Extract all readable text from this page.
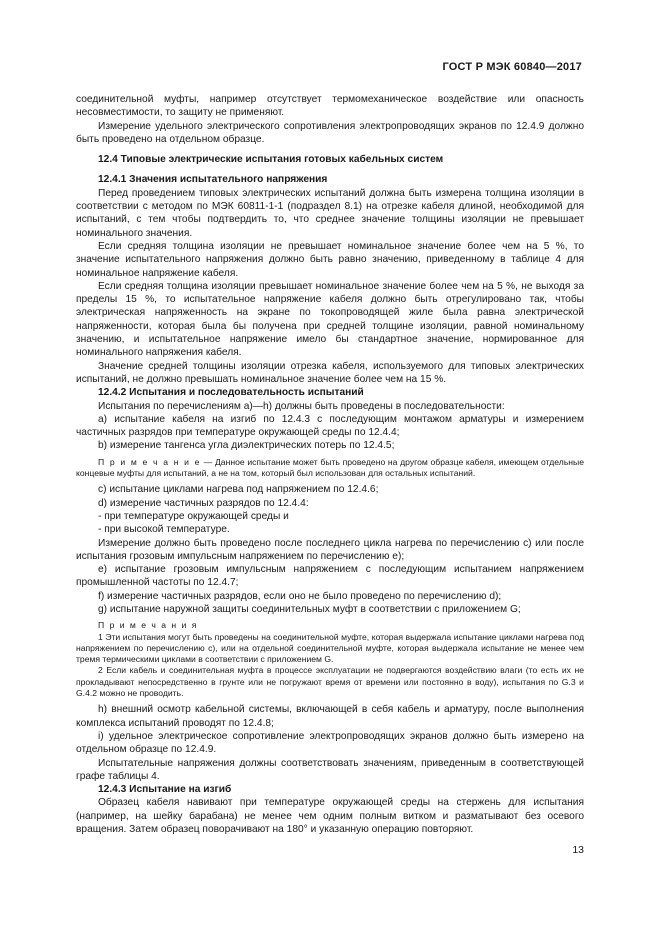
ГОСТ Р МЭК 60840—2017

соединительной муфты, например отсутствует термомеханическое воздействие или опасность несовместимости, то защиту не применяют.

Измерение удельного электрического сопротивления электропроводящих экранов по 12.4.9 должно быть проведено на отдельном образце.

12.4 Типовые электрические испытания готовых кабельных систем

12.4.1 Значения испытательного напряжения

Перед проведением типовых электрических испытаний должна быть измерена толщина изоляции в соответствии с методом по МЭК 60811-1-1 (подраздел 8.1) на отрезке кабеля длиной, необходимой для испытаний, с тем чтобы подтвердить то, что среднее значение толщины изоляции не превышает номинального значения.

Если средняя толщина изоляции не превышает номинальное значение более чем на 5 %, то значение испытательного напряжения должно быть равно значению, приведенному в таблице 4 для номинальное напряжение кабеля.

Если средняя толщина изоляции превышает номинальное значение более чем на 5 %, не выходя за пределы 15 %, то испытательное напряжение кабеля должно быть отрегулировано так, чтобы электрическая напряженность на экране по токопроводящей жиле была равна электрической напряженности, которая была бы получена при средней толщине изоляции, равной номинальному значению, и испытательное напряжение имело бы стандартное значение, нормированное для номинального напряжения кабеля.

Значение средней толщины изоляции отрезка кабеля, используемого для типовых электрических испытаний, не должно превышать номинальное значение более чем на 15 %.

12.4.2 Испытания и последовательность испытаний

Испытания по перечислениям а)—h) должны быть проведены в последовательности:

а) испытание кабеля на изгиб по 12.4.3 с последующим монтажом арматуры и измерением частичных разрядов при температуре окружающей среды по 12.4.4;

b) измерение тангенса угла диэлектрических потерь по 12.4.5;

П р и м е ч а н и е — Данное испытание может быть проведено на другом образце кабеля, имеющем отдельные концевые муфты для испытаний, а не на том, который был использован для остальных испытаний.

с) испытание циклами нагрева под напряжением по 12.4.6;

d) измерение частичных разрядов по 12.4.4:

- при температуре окружающей среды и

- при высокой температуре.

Измерение должно быть проведено после последнего цикла нагрева по перечислению с) или после испытания грозовым импульсным напряжением по перечислению е);

е) испытание грозовым импульсным напряжением с последующим испытанием напряжением промышленной частоты по 12.4.7;

f) измерение частичных разрядов, если оно не было проведено по перечислению d);

g) испытание наружной защиты соединительных муфт в соответствии с приложением G;

П р и м е ч а н и я

1 Эти испытания могут быть проведены на соединительной муфте, которая выдержала испытание циклами нагрева под напряжением по перечислению с), или на отдельной соединительной муфте, которая выдержала испытание не менее чем тремя термическими циклами в соответствии с приложением G.

2 Если кабель и соединительная муфта в процессе эксплуатации не подвергаются воздействию влаги (то есть их не прокладывают непосредственно в грунте или не погружают время от времени или постоянно в воду), испытания по G.3 и G.4.2 можно не проводить.

h) внешний осмотр кабельной системы, включающей в себя кабель и арматуру, после выполнения комплекса испытаний проводят по 12.4.8;

i) удельное электрическое сопротивление электропроводящих экранов должно быть измерено на отдельном образце по 12.4.9.

Испытательные напряжения должны соответствовать значениям, приведенным в соответствующей графе таблицы 4.

12.4.3 Испытание на изгиб

Образец кабеля навивают при температуре окружающей среды на стержень для испытания (например, на шейку барабана) не менее чем одним полным витком и разматывают без осевого вращения. Затем образец поворачивают на 180° и указанную операцию повторяют.

13
